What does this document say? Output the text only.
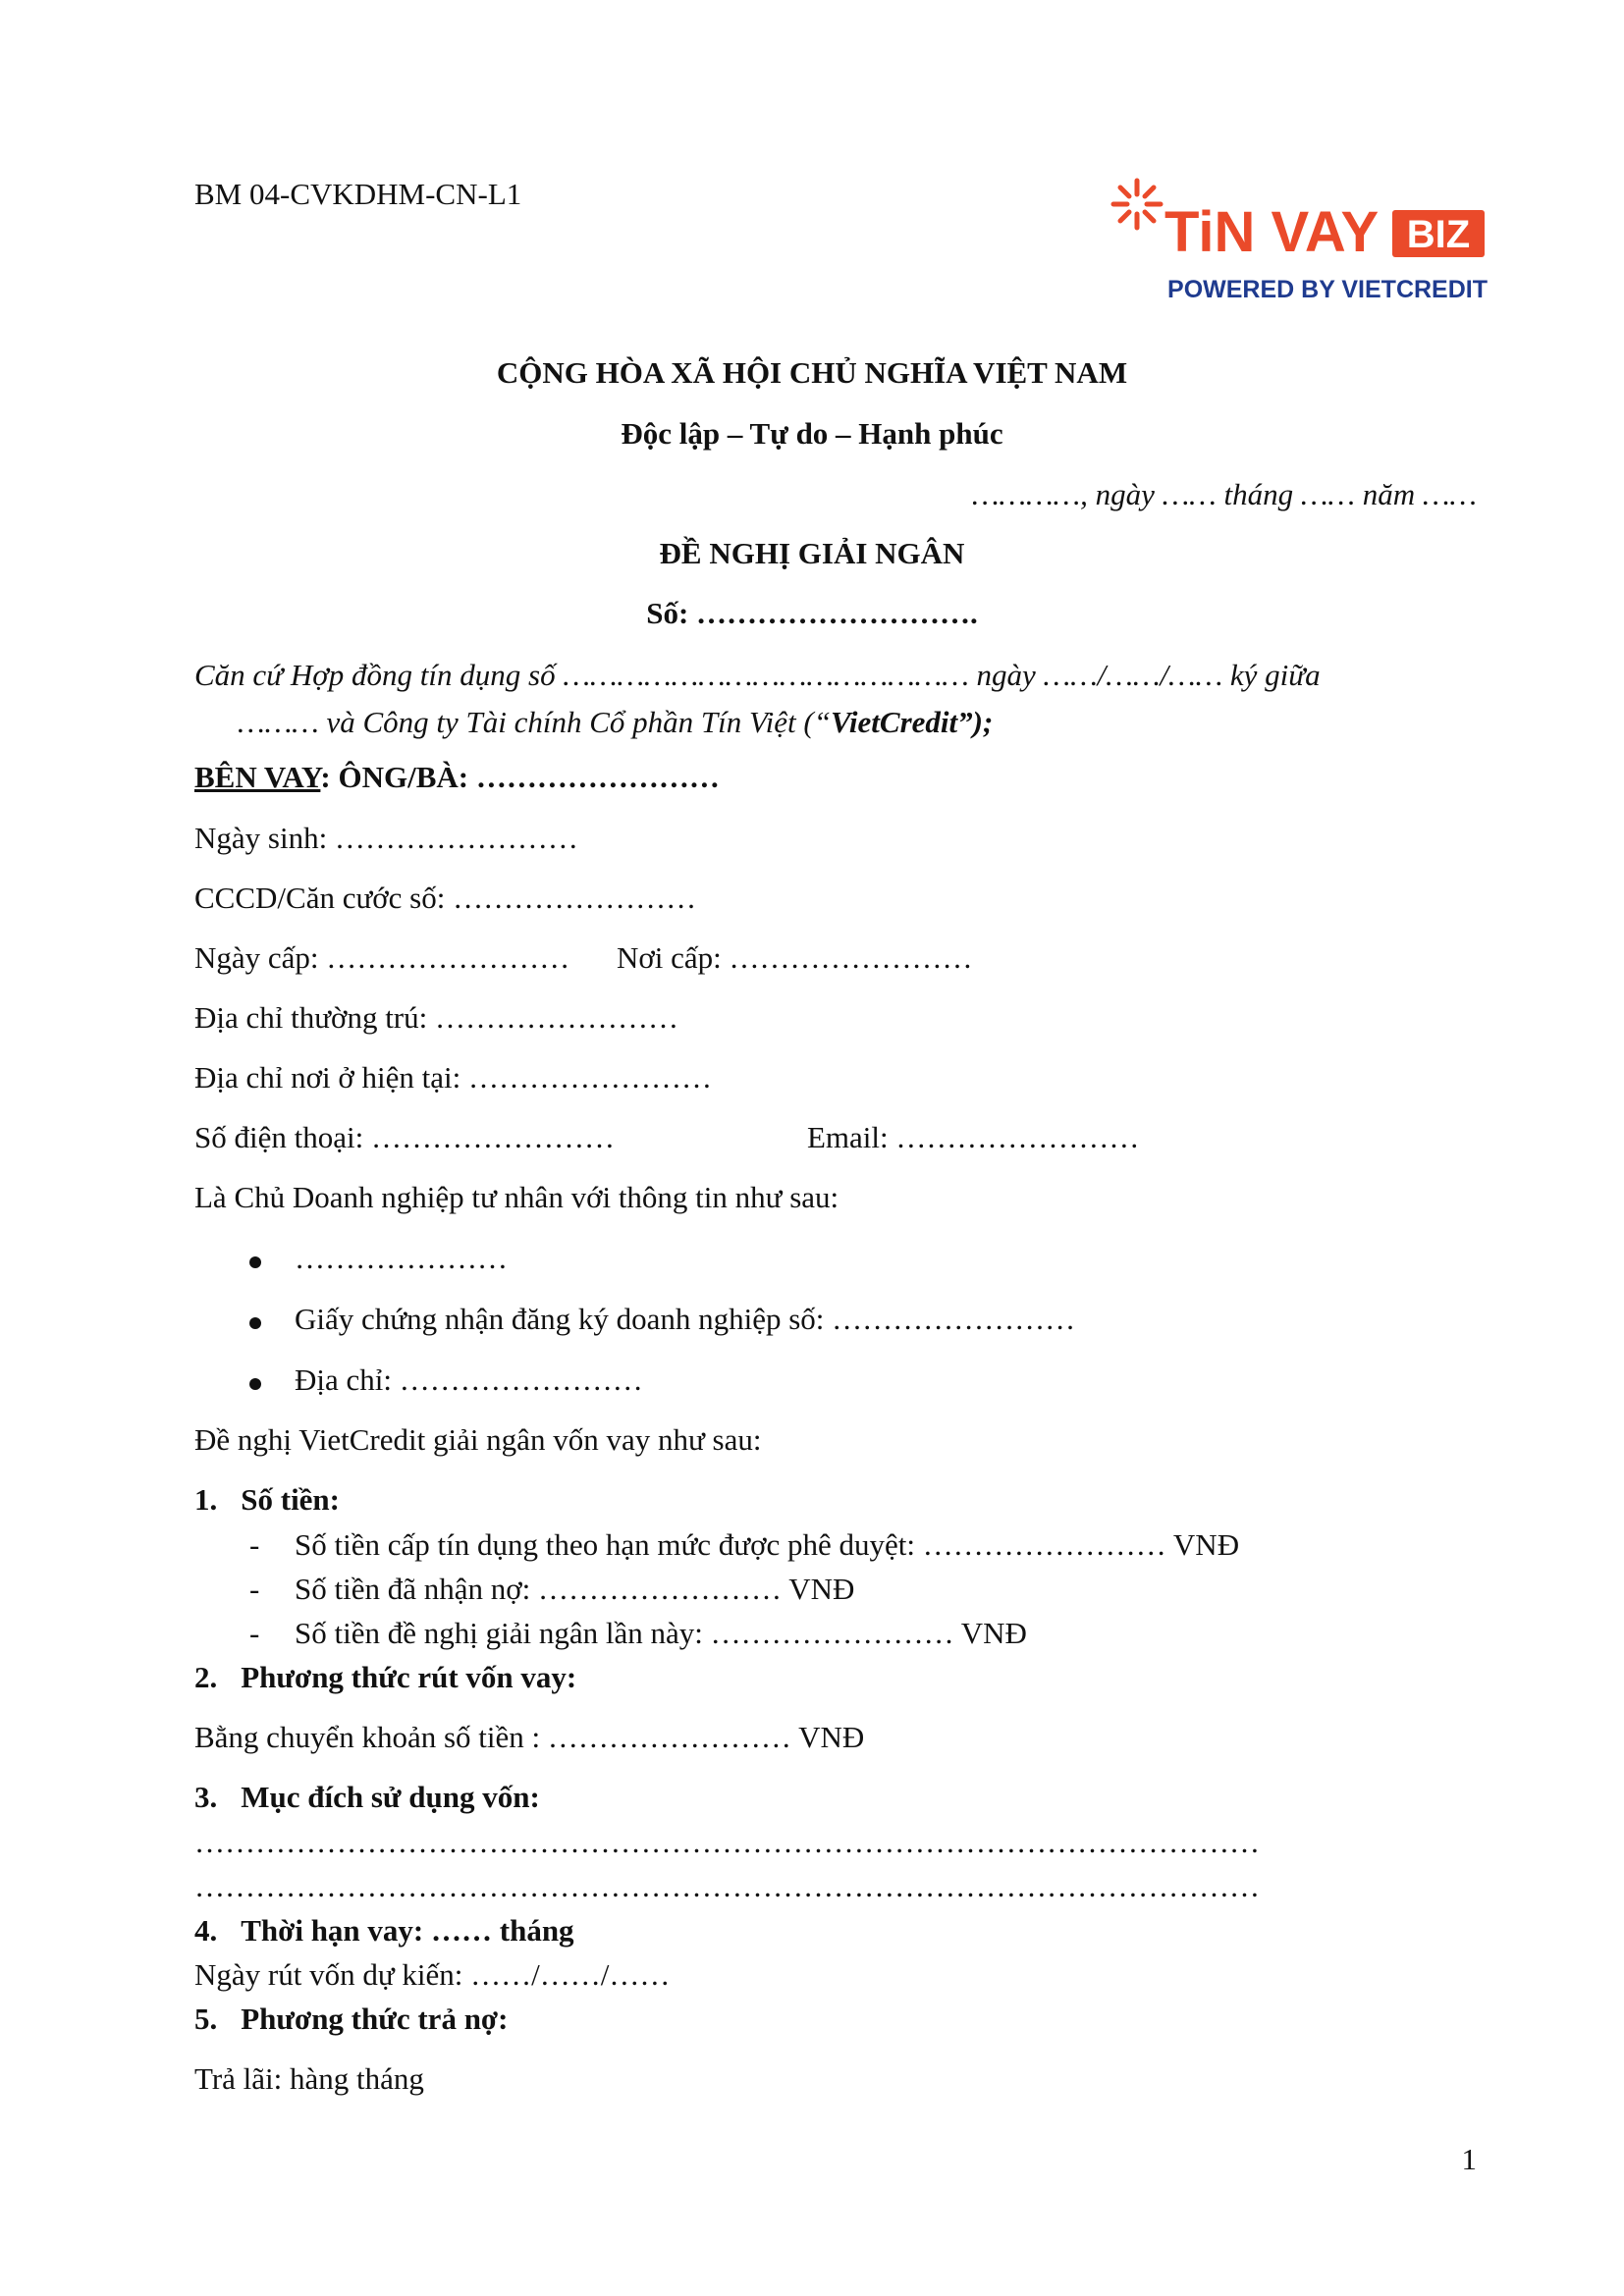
BM 04-CVKDHM-CN-L1
TiN VAY BIZ
POWERED BY VIETCREDIT
CỘNG HÒA XÃ HỘI CHỦ NGHĨA VIỆT NAM
Độc lập – Tự do – Hạnh phúc
…………, ngày …… tháng …… năm ……
ĐỀ NGHỊ GIẢI NGÂN
Số: ……………………….
Căn cứ Hợp đồng tín dụng số ……………………………………… ngày ……/……/…… ký giữa
……… và Công ty Tài chính Cổ phần Tín Việt (“VietCredit”);
BÊN VAY: ÔNG/BÀ: ……………………
Ngày sinh: ……………………
CCCD/Căn cước số: ……………………
Ngày cấp: …………………… Nơi cấp: ……………………
Địa chỉ thường trú: ……………………
Địa chỉ nơi ở hiện tại: ……………………
Số điện thoại: ……………………	Email: ……………………
Là Chủ Doanh nghiệp tư nhân với thông tin như sau:
…………………
Giấy chứng nhận đăng ký doanh nghiệp số: ……………………
Địa chỉ: ……………………
Đề nghị VietCredit giải ngân vốn vay như sau:
1. Số tiền:
- Số tiền cấp tín dụng theo hạn mức được phê duyệt: …………………… VNĐ
- Số tiền đã nhận nợ: …………………… VNĐ
- Số tiền đề nghị giải ngân lần này: …………………… VNĐ
2. Phương thức rút vốn vay:
Bằng chuyển khoản số tiền : …………………… VNĐ
3. Mục đích sử dụng vốn:
……………………………………………………………………………………………
……………………………………………………………………………………………
4. Thời hạn vay: …… tháng
Ngày rút vốn dự kiến: ……/……/……
5. Phương thức trả nợ:
Trả lãi: hàng tháng
1
